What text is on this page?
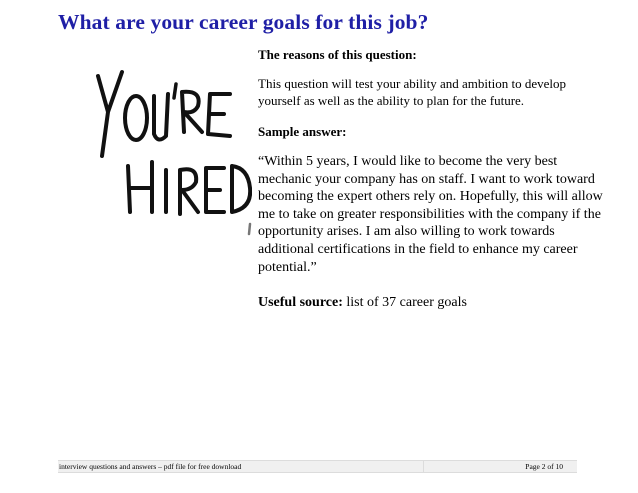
What are your career goals for this job?

The reasons of this question:

This question will test your ability and ambition to develop yourself as well as the ability to plan for the future.

Sample answer:

“Within 5 years, I would like to become the very best mechanic your company has on staff. I want to work toward becoming the expert others rely on. Hopefully, this will allow me to take on greater responsibilities with the company if the opportunity arises. I am also willing to work towards additional certifications in the field to enhance my career potential.”

Useful source: list of 37 career goals

interview questions and answers – pdf file for free download	Page 2 of 10
